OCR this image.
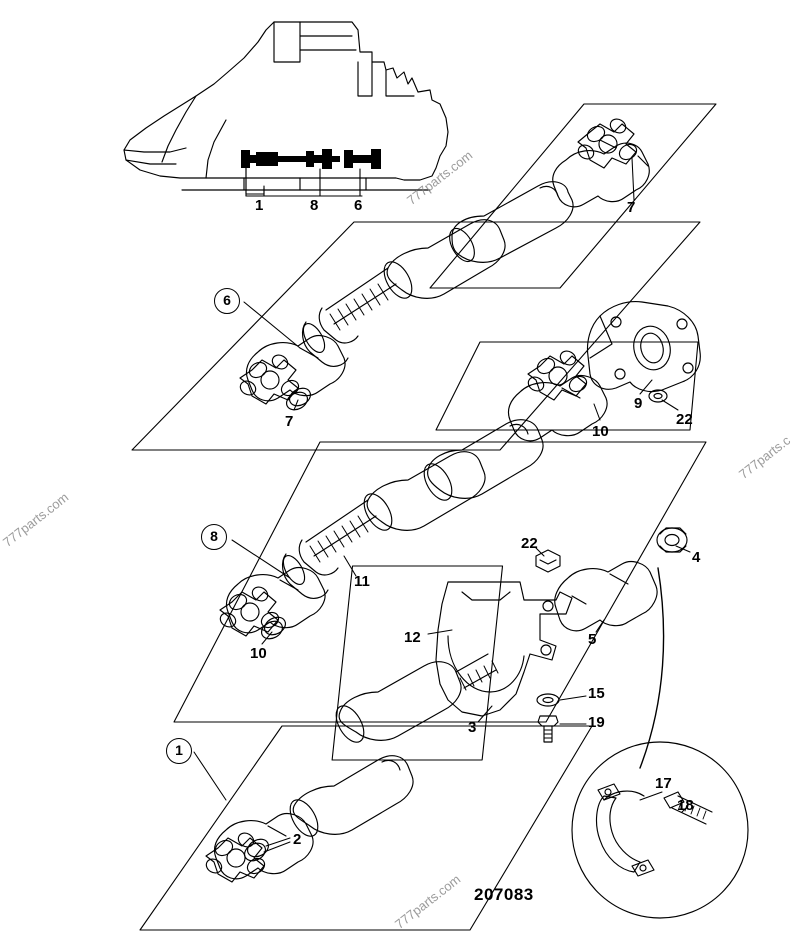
1	8 6	7
6
7
9
22
10
8
11
10
22
4
5
12
15
19
3
1
2
17
18
207083
777parts.com
777parts.c
777parts.com
777parts.com
